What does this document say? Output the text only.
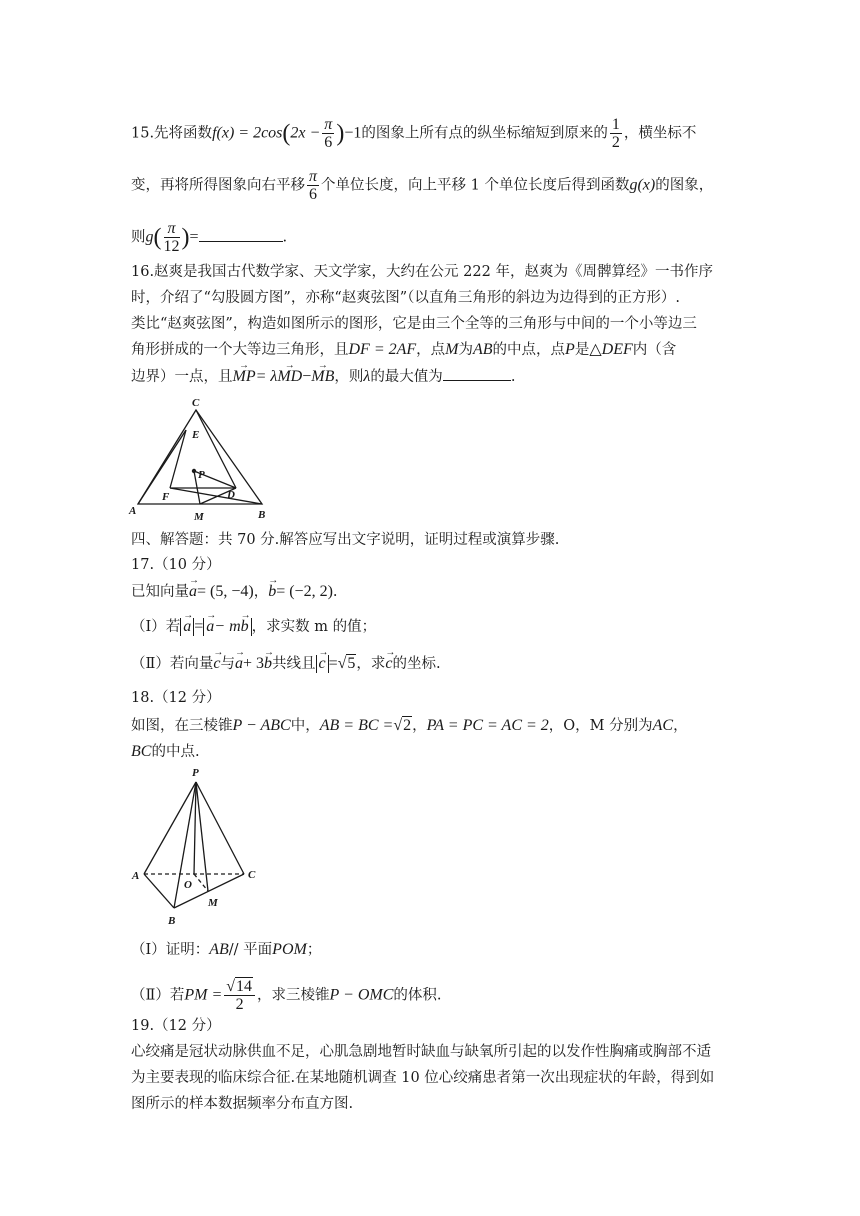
15.先将函数$f(x) = 2\cos(2x - \frac{\pi}{6} )-1$的图象上所有点的纵坐标缩短到原来的 $\frac{1}{2}$ ，横坐标不
变，再将所得图象向右平移 $\frac{\pi}{6}$ 个单位长度，向上平移 1 个单位长度后得到函数g(x)的图象，
则$g( \frac{\pi}{12}$ )=	.
16.赵爽是我国古代数学家、天文学家，大约在公元 222 年，赵爽为《周髀算经》一书作序
时，介绍了“勾股圆方图”，亦称“赵爽弦图”（以直角三角形的斜边为边得到的正方形）.
类比“赵爽弦图”，构造如图所示的图形，它是由三个全等的三角形与中间的一个小等边三
角形拼成的一个大等边三角形，且DF = 2AF，点M为AB的中点，点P是△DEF内（含
边界）一点，且→ MP= λ→ MD−→ MB，则λ的最大值为	.
C
E
P
F	D
A	M	B
四、解答题：共 70 分.解答应写出文字说明，证明过程或演算步骤.
17.（10 分）
已知向量→ a= (5, −4)，→ b= (−2, 2).
（Ⅰ）若 → a = → a− m→ b ，求实数 m 的值；
（Ⅱ）若向量→ c与→ a+ 3→ b共线且 → c =√5，求→ c的坐标.
18.（12 分）
如图，在三棱锥P − ABC中，AB = BC =√2，PA = PC = AC = 2，O，M 分别为AC，
BC的中点.
P
A	C
O
M
B
（Ⅰ）证明：AB// 平面POM；
（Ⅱ）若PM = $\frac{√14}{2}$ ，求三棱锥P − OMC的体积.
19.（12 分）
心绞痛是冠状动脉供血不足，心肌急剧地暂时缺血与缺氧所引起的以发作性胸痛或胸部不适
为主要表现的临床综合征.在某地随机调查 10 位心绞痛患者第一次出现症状的年龄，得到如
图所示的样本数据频率分布直方图.
